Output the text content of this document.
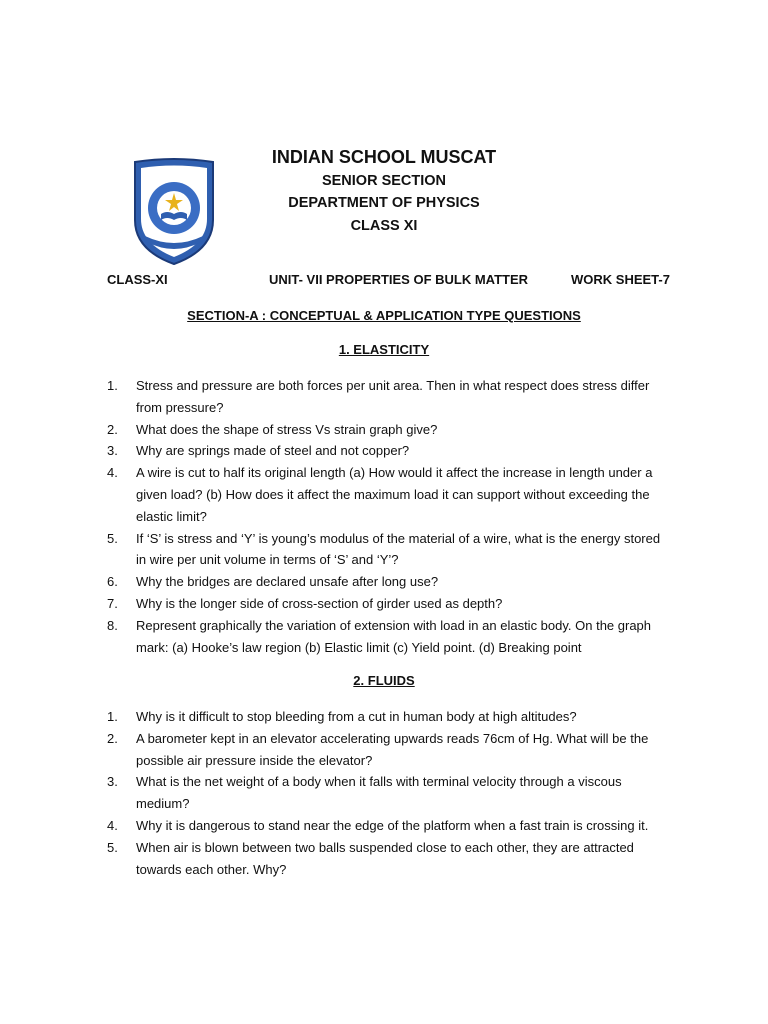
INDIAN SCHOOL MUSCAT
SENIOR SECTION
DEPARTMENT OF PHYSICS
CLASS XI
CLASS-XI	UNIT- VII PROPERTIES OF BULK MATTER	WORK SHEET-7
SECTION-A : CONCEPTUAL & APPLICATION TYPE QUESTIONS
1. ELASTICITY
1.	Stress and pressure are both forces per unit area. Then in what respect does stress differ from pressure?
2.	What does the shape of stress Vs strain graph give?
3.	Why are springs made of steel and not copper?
4.	A wire is cut to half its original length (a) How would it affect the increase in length under a given load? (b) How does it affect the maximum load it can support without exceeding the elastic limit?
5.	If ‘S’ is stress and ‘Y’ is young’s modulus of the material of a wire, what is the energy stored in wire per unit volume in terms of ‘S’ and ‘Y’?
6.	Why the bridges are declared unsafe after long use?
7.	Why is the longer side of cross-section of girder used as depth?
8.	Represent graphically the variation of extension with load in an elastic body. On the graph mark: (a) Hooke’s law region (b) Elastic limit (c) Yield point. (d) Breaking point
2. FLUIDS
1.	Why is it difficult to stop bleeding from a cut in human body at high altitudes?
2.	A barometer kept in an elevator accelerating upwards reads 76cm of Hg. What will be the possible air pressure inside the elevator?
3.	What is the net weight of a body when it falls with terminal velocity through a viscous medium?
4.	Why it is dangerous to stand near the edge of the platform when a fast train is crossing it.
5.	When air is blown between two balls suspended close to each other, they are attracted towards each other. Why?
